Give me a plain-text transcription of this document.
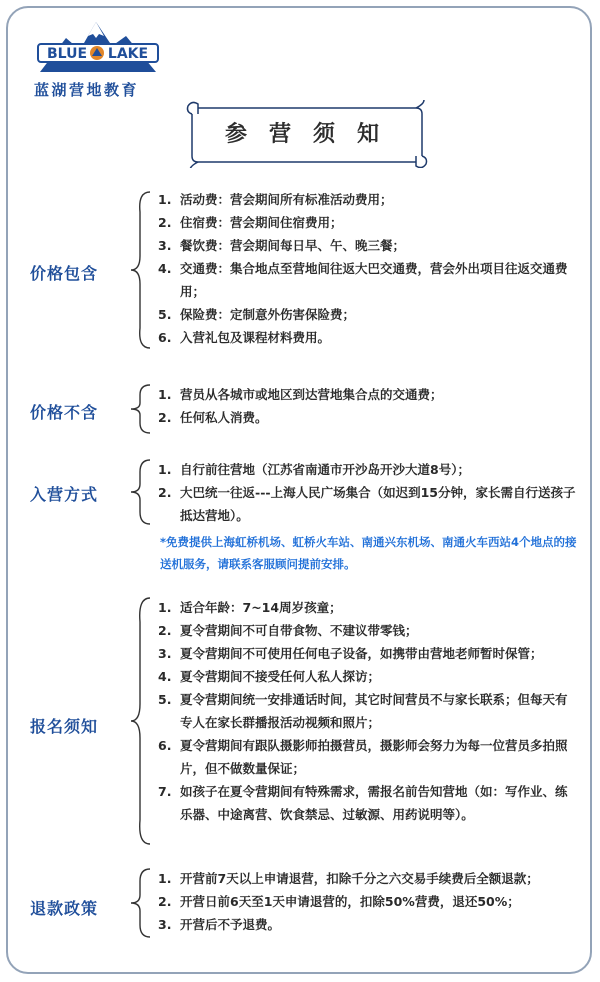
BLUE LAKE
蓝湖营地教育
参 营 须 知
价格包含
1. 活动费：营会期间所有标准活动费用；
2. 住宿费：营会期间住宿费用；
3. 餐饮费：营会期间每日早、午、晚三餐；
4. 交通费：集合地点至营地间往返大巴交通费，营会外出项目往返交通费用；
5. 保险费：定制意外伤害保险费；
6. 入营礼包及课程材料费用。
价格不含
1. 营员从各城市或地区到达营地集合点的交通费；
2. 任何私人消费。
入营方式
1. 自行前往营地（江苏省南通市开沙岛开沙大道8号）；
2. 大巴统一往返---上海人民广场集合（如迟到15分钟，家长需自行送孩子抵达营地）。
*免费提供上海虹桥机场、虹桥火车站、南通兴东机场、南通火车西站4个地点的接送机服务，请联系客服顾问提前安排。
报名须知
1. 适合年龄：7~14周岁孩童；
2. 夏令营期间不可自带食物、不建议带零钱；
3. 夏令营期间不可使用任何电子设备，如携带由营地老师暂时保管；
4. 夏令营期间不接受任何人私人探访；
5. 夏令营期间统一安排通话时间，其它时间营员不与家长联系；但每天有专人在家长群播报活动视频和照片；
6. 夏令营期间有跟队摄影师拍摄营员，摄影师会努力为每一位营员多拍照片，但不做数量保证；
7. 如孩子在夏令营期间有特殊需求，需报名前告知营地（如：写作业、练乐器、中途离营、饮食禁忌、过敏源、用药说明等）。
退款政策
1. 开营前7天以上申请退营，扣除千分之六交易手续费后全额退款；
2. 开营日前6天至1天申请退营的，扣除50%营费，退还50%；
3. 开营后不予退费。
